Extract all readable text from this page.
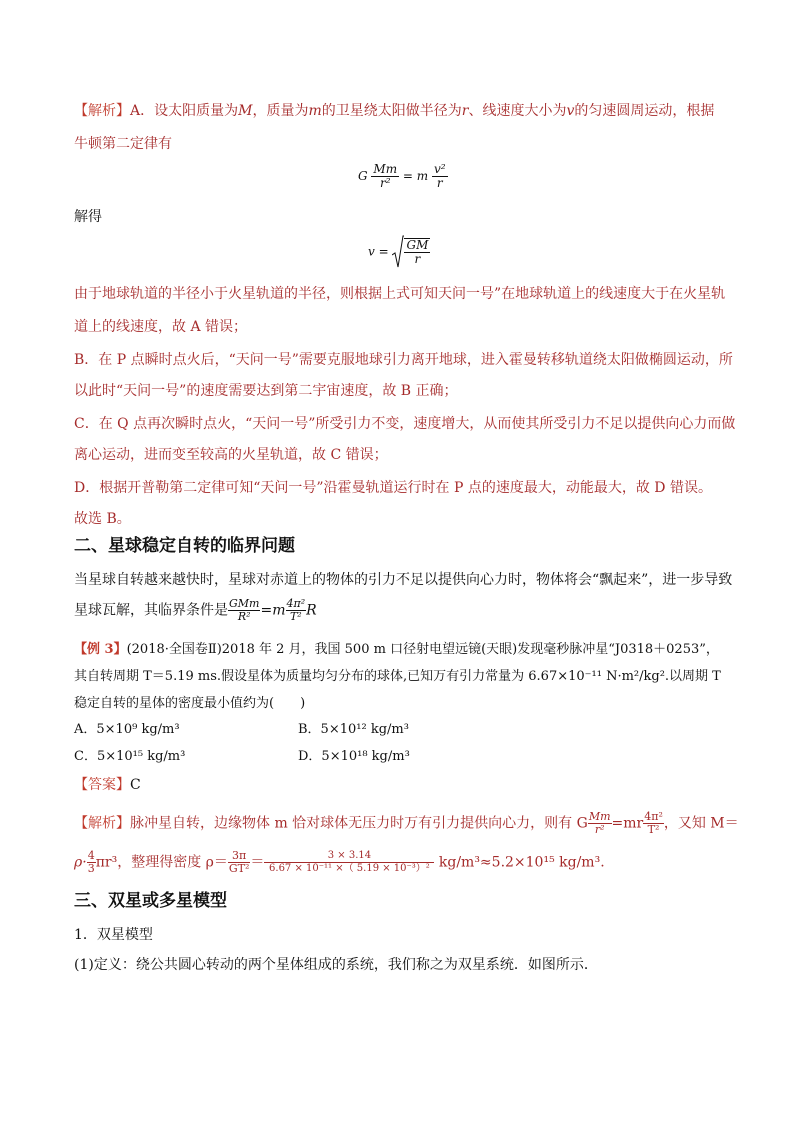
【解析】A．设太阳质量为M，质量为m的卫星绕太阳做半径为r、线速度大小为v的匀速圆周运动，根据
牛顿第二定律有
G $\frac{Mm}{\text{r²}} = m \frac{\text{v²}}{r}$
解得
$v = \frac{GM}{r}$
由于地球轨道的半径小于火星轨道的半径，则根据上式可知天问一号”在地球轨道上的线速度大于在火星轨
道上的线速度，故 A 错误；
B．在 P 点瞬时点火后，“天问一号”需要克服地球引力离开地球，进入霍曼转移轨道绕太阳做椭圆运动，所
以此时“天问一号”的速度需要达到第二宇宙速度，故 B 正确；
C．在 Q 点再次瞬时点火，“天问一号”所受引力不变，速度增大，从而使其所受引力不足以提供向心力而做
离心运动，进而变至较高的火星轨道，故 C 错误；
D．根据开普勒第二定律可知“天问一号”沿霍曼轨道运行时在 P 点的速度最大，动能最大，故 D 错误。
故选 B。
二、星球稳定自转的临界问题
当星球自转越来越快时，星球对赤道上的物体的引力不足以提供向心力时，物体将会“飘起来”，进一步导致
星球瓦解，其临界条件是 $\frac{\text{GMm}}{\text{R²}} =m \frac{\text{4π²}}{\text{T²}}$ R
【例 3】(2018·全国卷Ⅱ)2018 年 2 月，我国 500 m 口径射电望远镜(天眼)发现毫秒脉冲星“J0318＋0253”，
其自转周期 T＝5.19 ms.假设星体为质量均匀分布的球体,已知万有引力常量为 6.67×10⁻¹¹ N·m²/kg².以周期 T
稳定自转的星体的密度最小值约为(　　)
A．5×10⁹ kg/m³	B．5×10¹² kg/m³
C．5×10¹⁵ kg/m³	D．5×10¹⁸ kg/m³
【答案】C
【解析】脉冲星自转，边缘物体 m 恰对球体无压力时万有引力提供向心力，则有 G $\frac{Mm}{\text{r²}} =mr \frac{\text{4π²}}{\text{T²}}$ ，又知 M＝
$\rho\cdot \frac{4}{3} \pi r^3$，整理得密度 $\rho= \frac{3\pi}{\text{GT²}} = \frac{3 \times 3.14}{\text{6.67 × 10⁻¹¹ ×（ 5.19 × 10⁻³）²}} kg/m^3\approx 5.2\times 10^{15}$ kg/m³.
三、双星或多星模型
1．双星模型
(1)定义：绕公共圆心转动的两个星体组成的系统，我们称之为双星系统．如图所示．
